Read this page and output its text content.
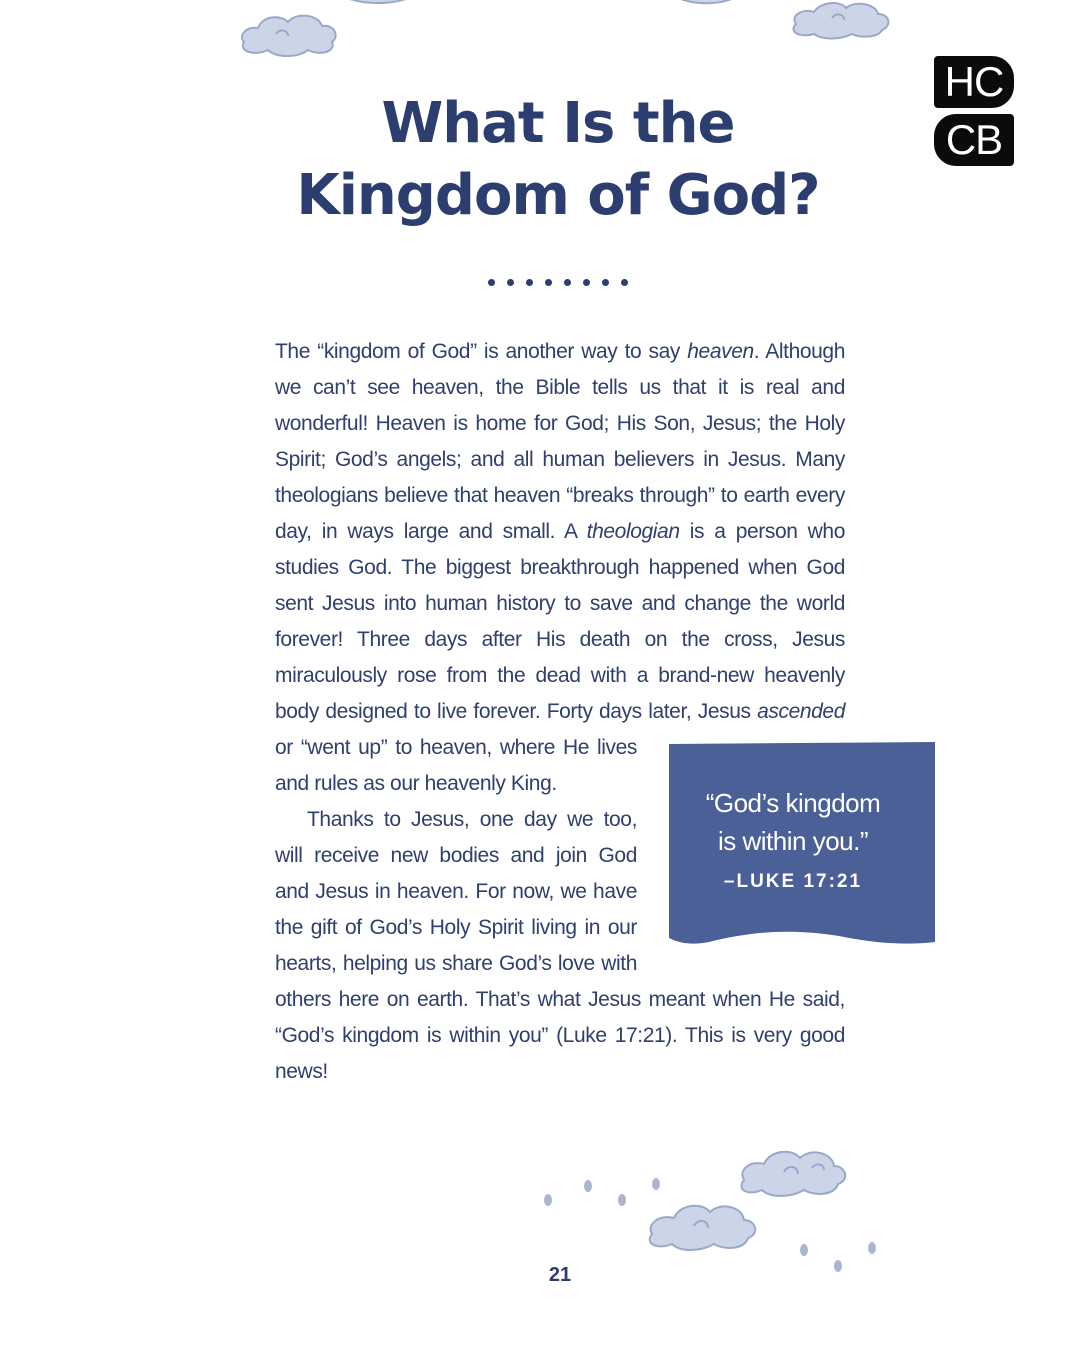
HC
CB
What Is the
Kingdom of God?

The “kingdom of God” is another way to say heaven. Although we can’t see heaven, the Bible tells us that it is real and wonderful! Heaven is home for God; His Son, Jesus; the Holy Spirit; God’s angels; and all human believers in Jesus. Many theologians believe that heaven “breaks through” to earth every day, in ways large and small. A theologian is a person who studies God. The biggest breakthrough happened when God sent Jesus into human history to save and change the world forever! Three days after His death on the cross, Jesus miraculously rose from the dead with a brand-new heavenly body designed to live forever. Forty days later, Jesus
“God’s kingdom
is within you.”
–LUKE 17:21
ascended or “went up” to heaven, where He lives and rules as our heavenly King.

Thanks to Jesus, one day we too, will receive new bodies and join God and Jesus in heaven. For now, we have the gift of God’s Holy Spirit living in our hearts, helping us share God’s love with others here on earth. That’s what Jesus meant when He said, “God’s kingdom is within you” (Luke 17:21). This is very good news!

21
